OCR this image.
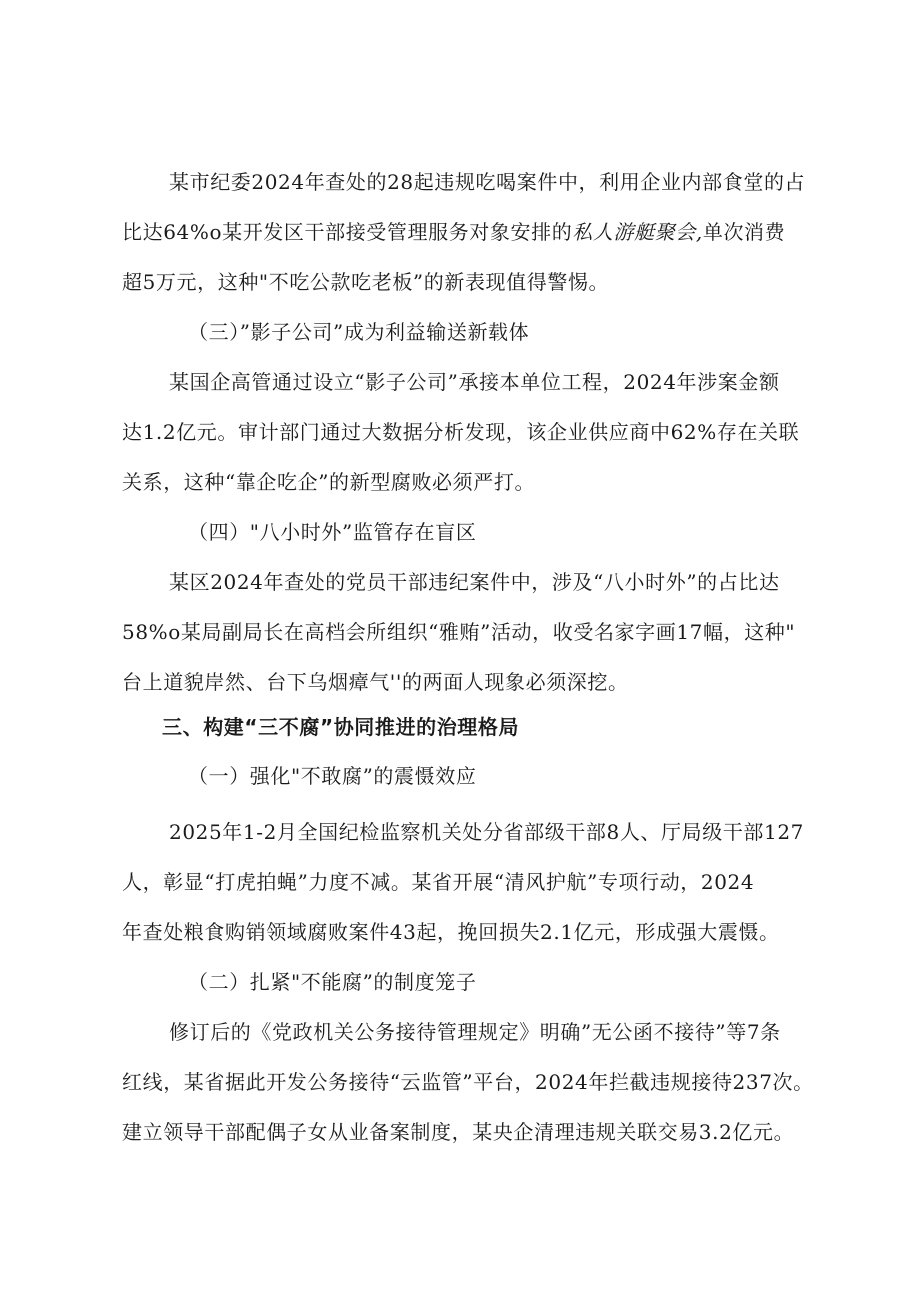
某市纪委2024年查处的28起违规吃喝案件中，利用企业内部食堂的占
比达64%o某开发区干部接受管理服务对象安排的私人游艇聚会,单次消费
超5万元，这种"不吃公款吃老板”的新表现值得警惕。
（三）”影子公司”成为利益输送新载体
某国企高管通过设立“影子公司”承接本单位工程，2024年涉案金额
达1.2亿元。审计部门通过大数据分析发现，该企业供应商中62%存在关联
关系，这种“靠企吃企”的新型腐败必须严打。
（四）"八小时外”监管存在盲区
某区2024年查处的党员干部违纪案件中，涉及“八小时外”的占比达
58%o某局副局长在高档会所组织“雅贿”活动，收受名家字画17幅，这种"
台上道貌岸然、台下乌烟瘴气''的两面人现象必须深挖。
三、构建“三不腐”协同推进的治理格局
（一）强化"不敢腐”的震慑效应
2025年1-2月全国纪检监察机关处分省部级干部8人、厅局级干部127
人，彰显“打虎拍蝇”力度不减。某省开展“清风护航”专项行动，2024
年查处粮食购销领域腐败案件43起，挽回损失2.1亿元，形成强大震慑。
（二）扎紧"不能腐”的制度笼子
修订后的《党政机关公务接待管理规定》明确”无公函不接待”等7条
红线，某省据此开发公务接待“云监管”平台，2024年拦截违规接待237次。
建立领导干部配偶子女从业备案制度，某央企清理违规关联交易3.2亿元。
